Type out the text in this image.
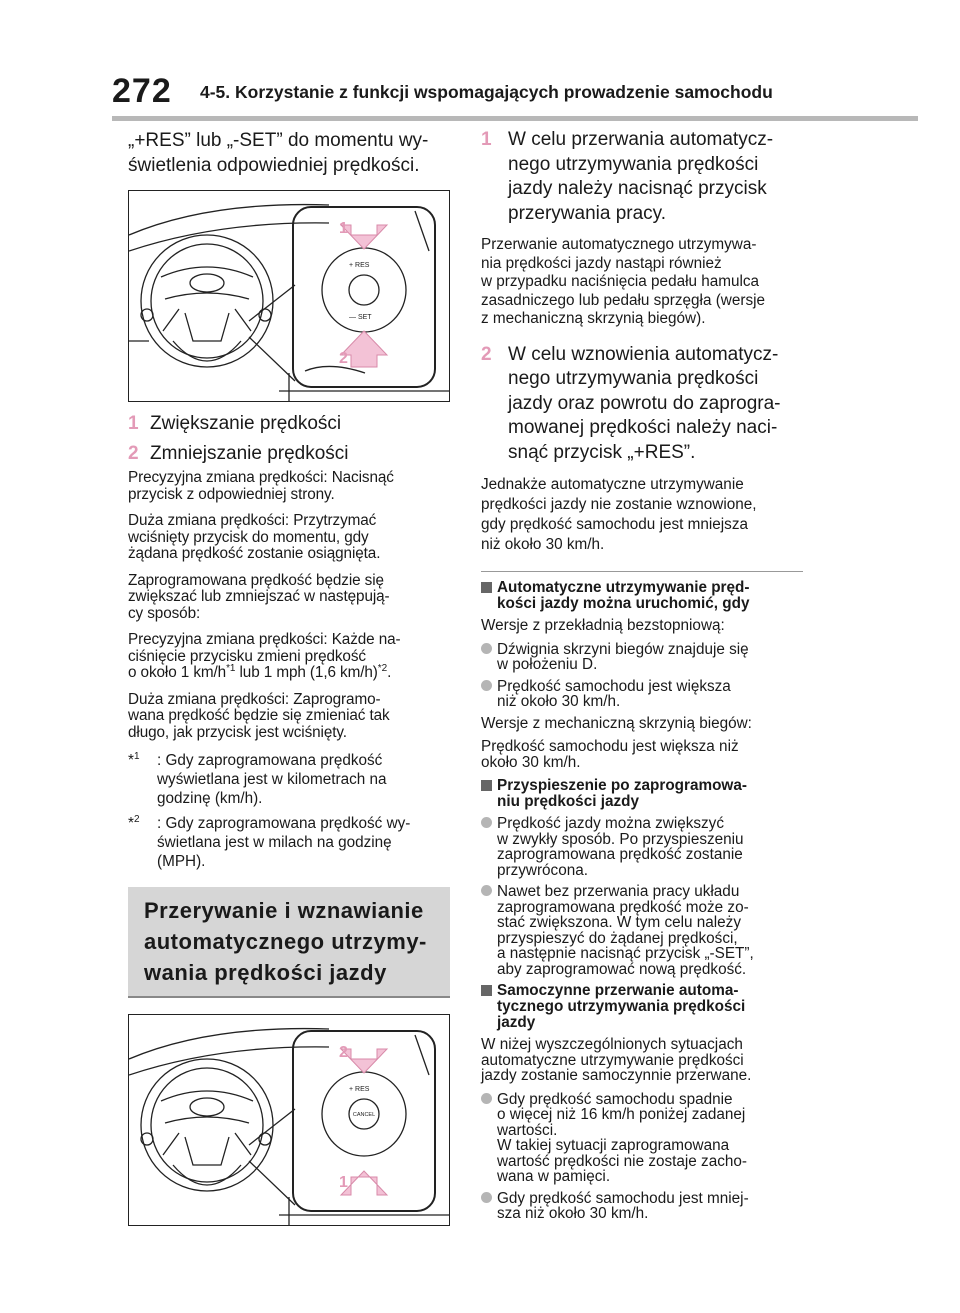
272 4-5. Korzystanie z funkcji wspomagających prowadzenie samochodu

„+RES” lub „-SET” do momentu wy-
świetlenia odpowiedniej prędkości.

+ RES
— SET
1
2
1 Zwiększanie prędkości
2 Zmniejszanie prędkości

Precyzyjna zmiana prędkości: Nacisnąć
przycisk z odpowiedniej strony.

Duża zmiana prędkości: Przytrzymać
wciśnięty przycisk do momentu, gdy
żądana prędkość zostanie osiągnięta.

Zaprogramowana prędkość będzie się
zwiększać lub zmniejszać w następują-
cy sposób:

Precyzyjna zmiana prędkości: Każde na-
ciśnięcie przycisku zmieni prędkość
o około 1 $km/h^{*1}$ lub 1 mph (1,6 km/h)$^{*2}$.

Duża zmiana prędkości: Zaprogramo-
wana prędkość będzie się zmieniać tak
długo, jak przycisk jest wciśnięty.

*$^1$	: Gdy zaprogramowana prędkość
wyświetlana jest w kilometrach na
godzinę (km/h).
*$^2$	: Gdy zaprogramowana prędkość wy-
świetlana jest w milach na godzinę
(MPH).
Przerywanie i wznawianie
automatycznego utrzymy-
wania prędkości jazdy
+ RES
CANCEL
2
1
1 W celu przerwania automatycz-
nego utrzymywania prędkości
jazdy należy nacisnąć przycisk
przerywania pracy.

Przerwanie automatycznego utrzymywa-
nia prędkości jazdy nastąpi również
w przypadku naciśnięcia pedału hamulca
zasadniczego lub pedału sprzęgła (wersje
z mechaniczną skrzynią biegów).

2 W celu wznowienia automatycz-
nego utrzymywania prędkości
jazdy oraz powrotu do zaprogra-
mowanej prędkości należy naci-
snąć przycisk „+RES”.

Jednakże automatyczne utrzymywanie
prędkości jazdy nie zostanie wznowione,
gdy prędkość samochodu jest mniejsza
niż około 30 km/h.

Automatyczne utrzymywanie pręd-
kości jazdy można uruchomić, gdy

Wersje z przekładnią bezstopniową:

Dźwignia skrzyni biegów znajduje się
w położeniu D.
Prędkość samochodu jest większa
niż około 30 km/h.

Wersje z mechaniczną skrzynią biegów:

Prędkość samochodu jest większa niż
około 30 km/h.

Przyspieszenie po zaprogramowa-
niu prędkości jazdy
Prędkość jazdy można zwiększyć
w zwykły sposób. Po przyspieszeniu
zaprogramowana prędkość zostanie
przywrócona.
Nawet bez przerwania pracy układu
zaprogramowana prędkość może zo-
stać zwiększona. W tym celu należy
przyspieszyć do żądanej prędkości,
a następnie nacisnąć przycisk „-SET”,
aby zaprogramować nową prędkość.
Samoczynne przerwanie automa-
tycznego utrzymywania prędkości
jazdy

W niżej wyszczególnionych sytuacjach
automatyczne utrzymywanie prędkości
jazdy zostanie samoczynnie przerwane.

Gdy prędkość samochodu spadnie
o więcej niż 16 km/h poniżej zadanej
wartości.
W takiej sytuacji zaprogramowana
wartość prędkości nie zostaje zacho-
wana w pamięci.
Gdy prędkość samochodu jest mniej-
sza niż około 30 km/h.
